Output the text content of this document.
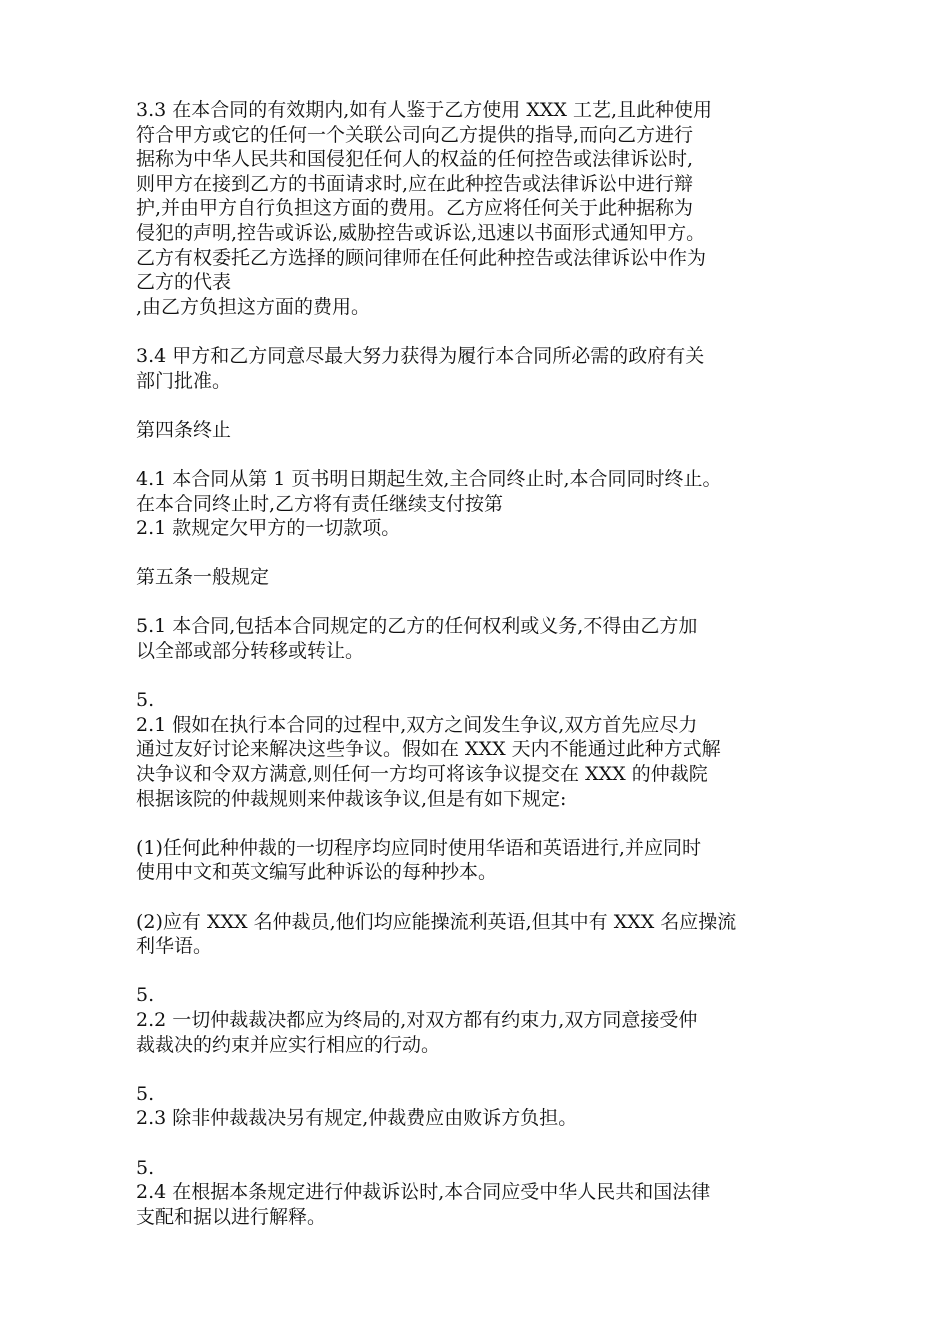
3.3 在本合同的有效期内,如有人鉴于乙方使用 XXX 工艺,且此种使用
符合甲方或它的任何一个关联公司向乙方提供的指导,而向乙方进行
据称为中华人民共和国侵犯任何人的权益的任何控告或法律诉讼时,
则甲方在接到乙方的书面请求时,应在此种控告或法律诉讼中进行辩
护,并由甲方自行负担这方面的费用。乙方应将任何关于此种据称为
侵犯的声明,控告或诉讼,威胁控告或诉讼,迅速以书面形式通知甲方。
乙方有权委托乙方选择的顾问律师在任何此种控告或法律诉讼中作为
乙方的代表
,由乙方负担这方面的费用。
3.4 甲方和乙方同意尽最大努力获得为履行本合同所必需的政府有关
部门批准。
第四条终止
4.1 本合同从第 1 页书明日期起生效,主合同终止时,本合同同时终止。
在本合同终止时,乙方将有责任继续支付按第
2.1 款规定欠甲方的一切款项。
第五条一般规定
5.1 本合同,包括本合同规定的乙方的任何权利或义务,不得由乙方加
以全部或部分转移或转让。
5.
2.1 假如在执行本合同的过程中,双方之间发生争议,双方首先应尽力
通过友好讨论来解决这些争议。假如在 XXX 天内不能通过此种方式解
决争议和令双方满意,则任何一方均可将该争议提交在 XXX 的仲裁院
根据该院的仲裁规则来仲裁该争议,但是有如下规定:
(1)任何此种仲裁的一切程序均应同时使用华语和英语进行,并应同时
使用中文和英文编写此种诉讼的每种抄本。
(2)应有 XXX 名仲裁员,他们均应能操流利英语,但其中有 XXX 名应操流
利华语。
5.
2.2 一切仲裁裁决都应为终局的,对双方都有约束力,双方同意接受仲
裁裁决的约束并应实行相应的行动。
5.
2.3 除非仲裁裁决另有规定,仲裁费应由败诉方负担。
5.
2.4 在根据本条规定进行仲裁诉讼时,本合同应受中华人民共和国法律
支配和据以进行解释。
